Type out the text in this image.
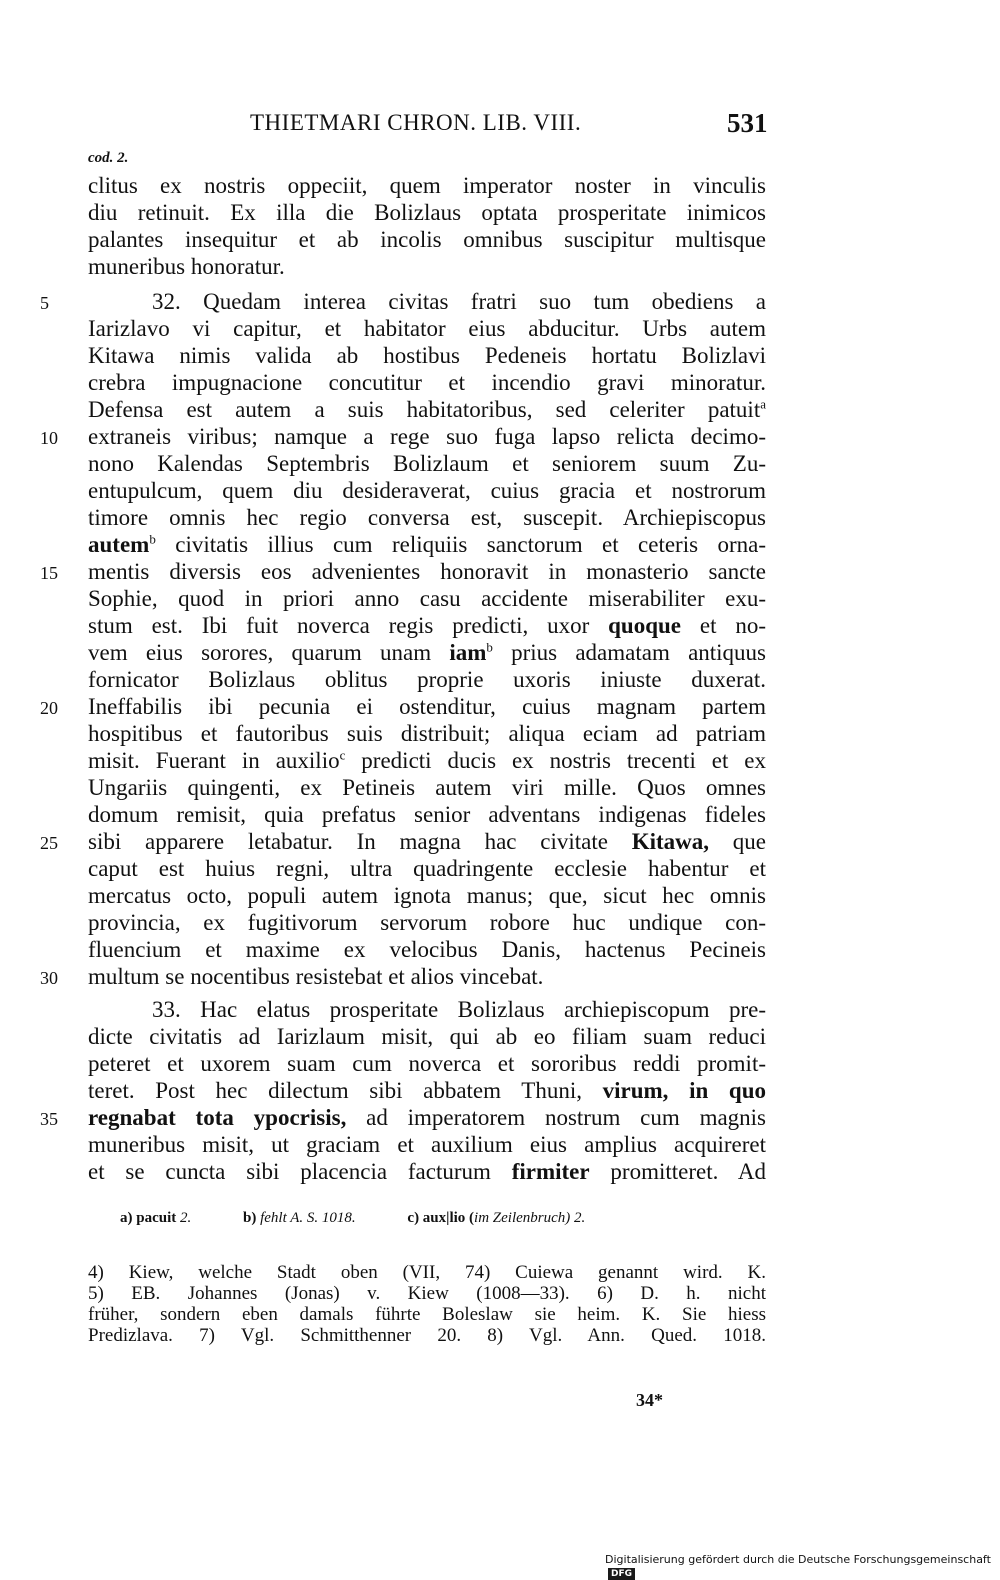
THIETMARI CHRON. LIB. VIII.	531
cod. 2.
clitus ex nostris oppeciit, quem imperator noster in vinculis
diu retinuit. Ex illa die Bolizlaus optata prosperitate inimicos
palantes insequitur et ab incolis omnibus suscipitur multisque
muneribus honoratur.
32. Quedam interea civitas fratri suo tum obediens a
Iarizlavo vi capitur, et habitator eius abducitur. Urbs autem
Kitawa nimis valida ab hostibus Pedeneis hortatu Bolizlavi
crebra impugnacione concutitur et incendio gravi minoratur.
Defensa est autem a suis habitatoribus, sed celeriter patuit$^a$
extraneis viribus; namque a rege suo fuga lapso relicta decimo-
nono Kalendas Septembris Bolizlaum et seniorem suum Zu-
entupulcum, quem diu desideraverat, cuius gracia et nostrorum
timore omnis hec regio conversa est, suscepit. Archiepiscopus
autem$^b$ civitatis illius cum reliquiis sanctorum et ceteris orna-
mentis diversis eos advenientes honoravit in monasterio sancte
Sophie, quod in priori anno casu accidente miserabiliter exu-
stum est. Ibi fuit noverca regis predicti, uxor quoque et no-
vem eius sorores, quarum unam iam$^b$ prius adamatam antiquus
fornicator Bolizlaus oblitus proprie uxoris iniuste duxerat.
Ineffabilis ibi pecunia ei ostenditur, cuius magnam partem
hospitibus et fautoribus suis distribuit; aliqua eciam ad patriam
misit. Fuerant in auxilio$^c$ predicti ducis ex nostris trecenti et ex
Ungariis quingenti, ex Petineis autem viri mille. Quos omnes
domum remisit, quia prefatus senior adventans indigenas fideles
sibi apparere letabatur. In magna hac civitate Kitawa, que
caput est huius regni, ultra quadringente ecclesie habentur et
mercatus octo, populi autem ignota manus; que, sicut hec omnis
provincia, ex fugitivorum servorum robore huc undique con-
fluencium et maxime ex velocibus Danis, hactenus Pecineis
multum se nocentibus resistebat et alios vincebat.
33. Hac elatus prosperitate Bolizlaus archiepiscopum pre-
dicte civitatis ad Iarizlaum misit, qui ab eo filiam suam reduci
peteret et uxorem suam cum noverca et sororibus reddi promit-
teret. Post hec dilectum sibi abbatem Thuni, virum, in quo
regnabat tota ypocrisis, ad imperatorem nostrum cum magnis
muneribus misit, ut graciam et auxilium eius amplius acquireret
et se cuncta sibi placencia facturum firmiter promitteret. Ad
5
10
15
20
25
30
35
a) pacuit 2.	b) fehlt A. S. 1018.	c) aux|lio (im Zeilenbruch) 2.
4) Kiew, welche Stadt oben (VII, 74) Cuiewa genannt wird. K.
5) EB. Johannes (Jonas) v. Kiew (1008—33). 6) D. h. nicht
früher, sondern eben damals führte Boleslaw sie heim. K. Sie hiess
Predizlava. 7) Vgl. Schmitthenner 20. 8) Vgl. Ann. Qued. 1018.
34*
Digitalisierung gefördert durch die Deutsche ForschungsgemeinschaftDFG
